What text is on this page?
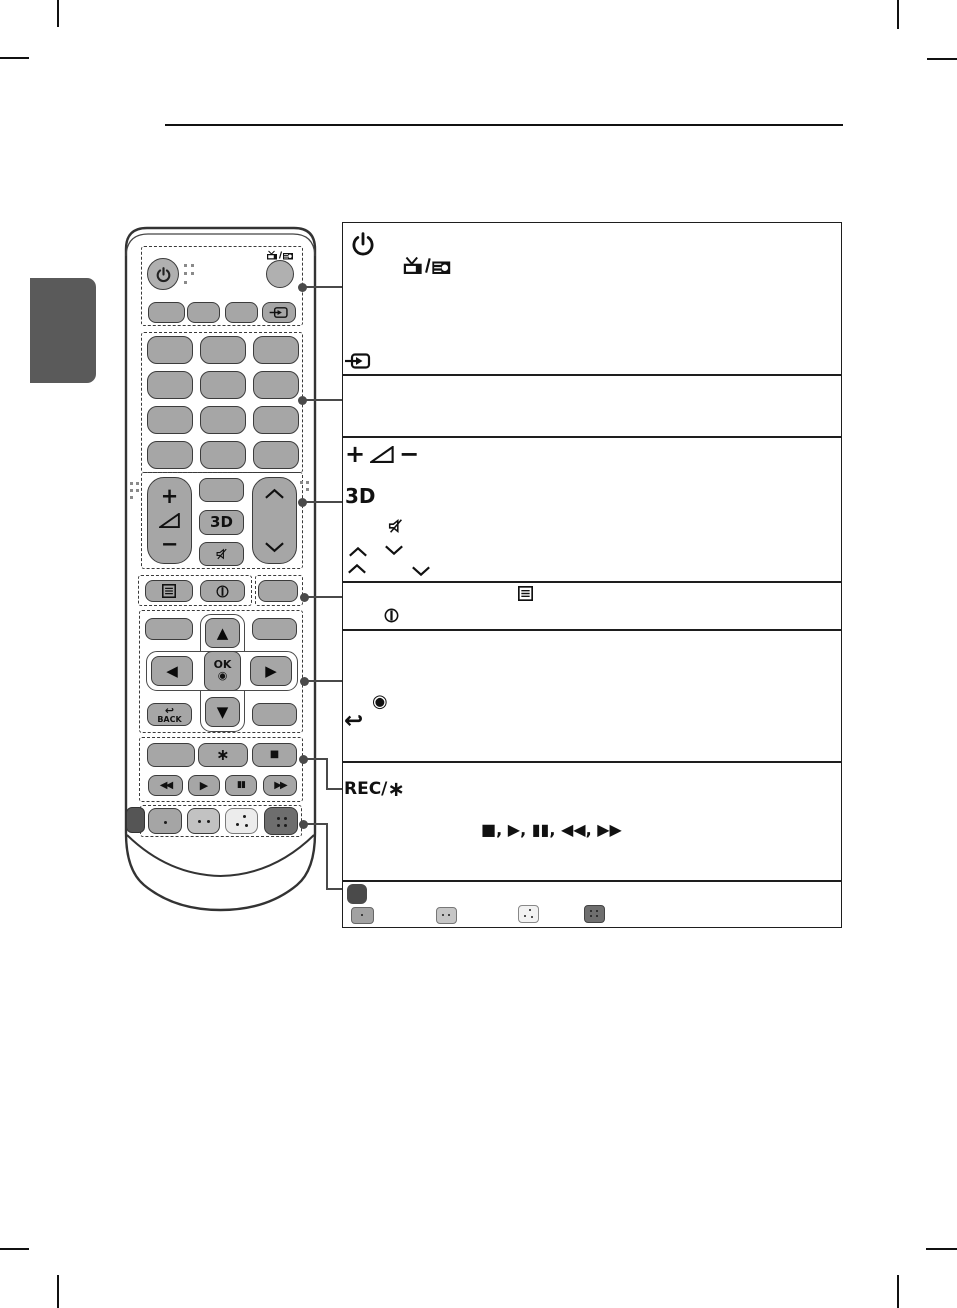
+
−
3D
▲
◀	OK
◉	▶
▼
↩
BACK
∗	■
◀◀	▶	▮▮	▶▶
+ −
3D
◉
↩
REC/ ∗
■, ▶, ▮▮, ◀◀, ▶▶
